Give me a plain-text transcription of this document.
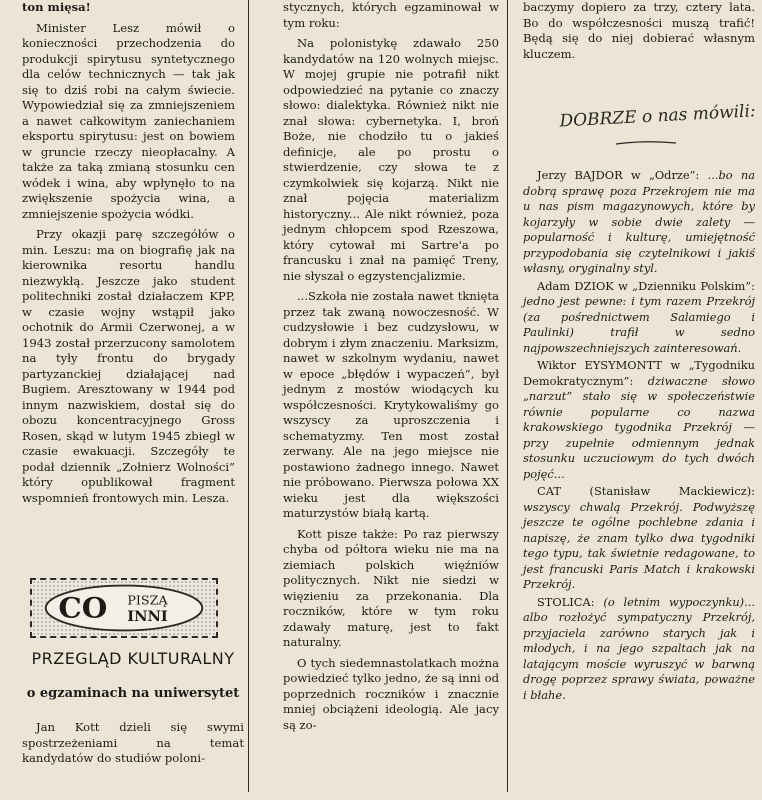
ton mięsa!

Minister Lesz mówił o konieczności przechodzenia do produkcji spirytusu syntetycznego dla celów technicznych — tak jak się to dziś robi na całym świecie. Wypowiedział się za zmniejszeniem a nawet całkowitym zaniechaniem eksportu spirytusu: jest on bowiem w gruncie rzeczy nieopłacalny. A także za taką zmianą stosunku cen wódek i wina, aby wpłynęło to na zwiększenie spożycia wina, a zmniejszenie spożycia wódki.

Przy okazji parę szczegółów o min. Leszu: ma on biografię jak na kierownika resortu handlu niezwykłą. Jeszcze jako student politechniki został działaczem KPP, w czasie wojny wstąpił jako ochotnik do Armii Czerwonej, a w 1943 został przerzucony samolotem na tyły frontu do brygady partyzanckiej działającej nad Bugiem. Aresztowany w 1944 pod innym nazwiskiem, dostał się do obozu koncentracyjnego Gross Rosen, skąd w lutym 1945 zbiegł w czasie ewakuacji. Szczegóły te podał dziennik „Zołnierz Wolności” który opublikował fragment wspomnień frontowych min. Lesza.

CO PISZĄ
INNI
PRZEGLĄD KULTURALNY
o egzaminach na uniwersytet
Jan Kott dzieli się swymi spostrzeżeniami na temat kandydatów do studiów poloni-

stycznych, których egzaminował w tym roku:

Na polonistykę zdawało 250 kandydatów na 120 wolnych miejsc. W mojej grupie nie potrafił nikt odpowiedzieć na pytanie co znaczy słowo: dialektyka. Również nikt nie znał słowa: cybernetyka. I, broń Boże, nie chodziło tu o jakieś definicje, ale po prostu o stwierdzenie, czy słowa te z czymkolwiek się kojarzą. Nikt nie znał pojęcia materializm historyczny... Ale nikt również, poza jednym chłopcem spod Rzeszowa, który cytował mi Sartre'a po francusku i znał na pamięć Treny, nie słyszał o egzystencjalizmie.

...Szkoła nie została nawet tknięta przez tak zwaną nowoczesność. W cudzysłowie i bez cudzysłowu, w dobrym i złym znaczeniu. Marksizm, nawet w szkolnym wydaniu, nawet w epoce „błędów i wypaczeń”, był jednym z mostów wiodących ku współczesności. Krytykowaliśmy go wszyscy za uproszczenia i schematyzmy. Ten most został zerwany. Ale na jego miejsce nie postawiono żadnego innego. Nawet nie próbowano. Pierwsza połowa XX wieku jest dla większości maturzystów białą kartą.

Kott pisze także: Po raz pierwszy chyba od półtora wieku nie ma na ziemiach polskich więźniów politycznych. Nikt nie siedzi w więzieniu za przekonania. Dla roczników, które w tym roku zdawały maturę, jest to fakt naturalny.

O tych siedemnastolatkach można powiedzieć tylko jedno, że są inni od poprzednich roczników i znacznie mniej obciążeni ideologią. Ale jacy są zo-

baczymy dopiero za trzy, cztery lata. Bo do współczesności muszą trafić! Będą się do niej dobierać własnym kluczem.
DOBRZE o nas mówili:

Jerzy BAJDOR w „Odrze”: ...bo na dobrą sprawę poza Przekrojem nie ma u nas pism magazynowych, które by kojarzyły w sobie dwie zalety — popularność i kulturę, umiejętność przypodobania się czytelnikowi i jakiś własny, oryginalny styl.

Adam DZIOK w „Dzienniku Polskim”: jedno jest pewne: i tym razem Przekrój (za pośrednictwem Salamiego i Paulinki) trafił w sedno najpowszechniejszych zainteresowań.

Wiktor EYSYMONTT w „Tygodniku Demokratycznym”: dziwaczne słowo „narzut” stało się w społeczeństwie równie popularne co nazwa krakowskiego tygodnika Przekrój — przy zupełnie odmiennym jednak stosunku uczuciowym do tych dwóch pojęć...

CAT (Stanisław Mackiewicz): wszyscy chwalą Przekrój. Podwyższę jeszcze te ogólne pochlebne zdania i napiszę, że znam tylko dwa tygodniki tego typu, tak świetnie redagowane, to jest francuski Paris Match i krakowski Przekrój.

STOLICA: (o letnim wypoczynku)... albo rozłożyć sympatyczny Przekrój, przyjaciela zarówno starych jak i młodych, i na jego szpaltach jak na latającym moście wyruszyć w barwną drogę poprzez sprawy świata, poważne i błahe.
